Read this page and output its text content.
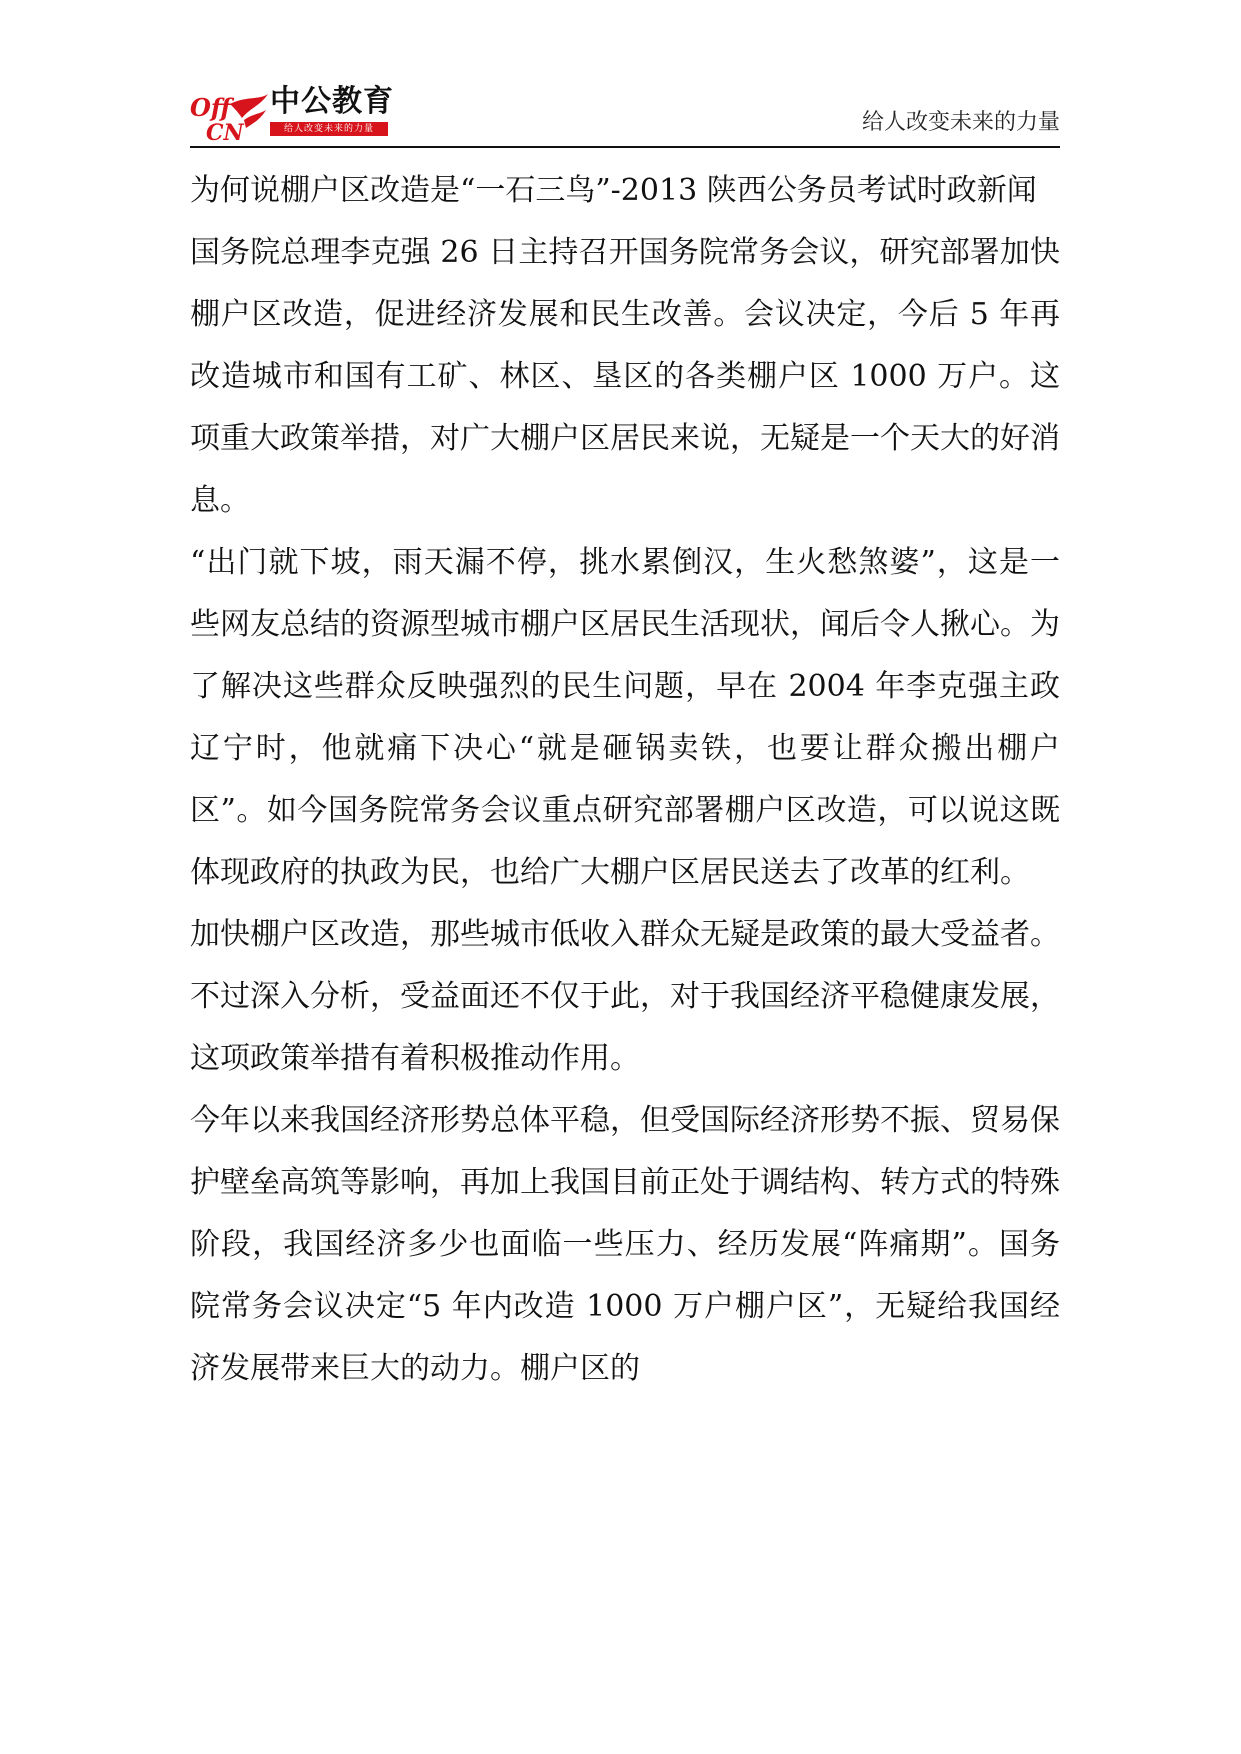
Off
CN
中公教育
给人改变未来的力量	给人改变未来的力量
为何说棚户区改造是“一石三鸟”-2013 陕西公务员考试时政新闻

国务院总理李克强 26 日主持召开国务院常务会议，研究部署加快棚户区改造，促进经济发展和民生改善。会议决定，今后 5 年再改造城市和国有工矿、林区、垦区的各类棚户区 1000 万户。这项重大政策举措，对广大棚户区居民来说，无疑是一个天大的好消息。

“出门就下坡，雨天漏不停，挑水累倒汉，生火愁煞婆”，这是一些网友总结的资源型城市棚户区居民生活现状，闻后令人揪心。为了解决这些群众反映强烈的民生问题，早在 2004 年李克强主政辽宁时，他就痛下决心“就是砸锅卖铁，也要让群众搬出棚户区”。如今国务院常务会议重点研究部署棚户区改造，可以说这既体现政府的执政为民，也给广大棚户区居民送去了改革的红利。

加快棚户区改造，那些城市低收入群众无疑是政策的最大受益者。不过深入分析，受益面还不仅于此，对于我国经济平稳健康发展，这项政策举措有着积极推动作用。

今年以来我国经济形势总体平稳，但受国际经济形势不振、贸易保护壁垒高筑等影响，再加上我国目前正处于调结构、转方式的特殊阶段，我国经济多少也面临一些压力、经历发展“阵痛期”。国务院常务会议决定“5 年内改造 1000 万户棚户区”，无疑给我国经济发展带来巨大的动力。棚户区的
